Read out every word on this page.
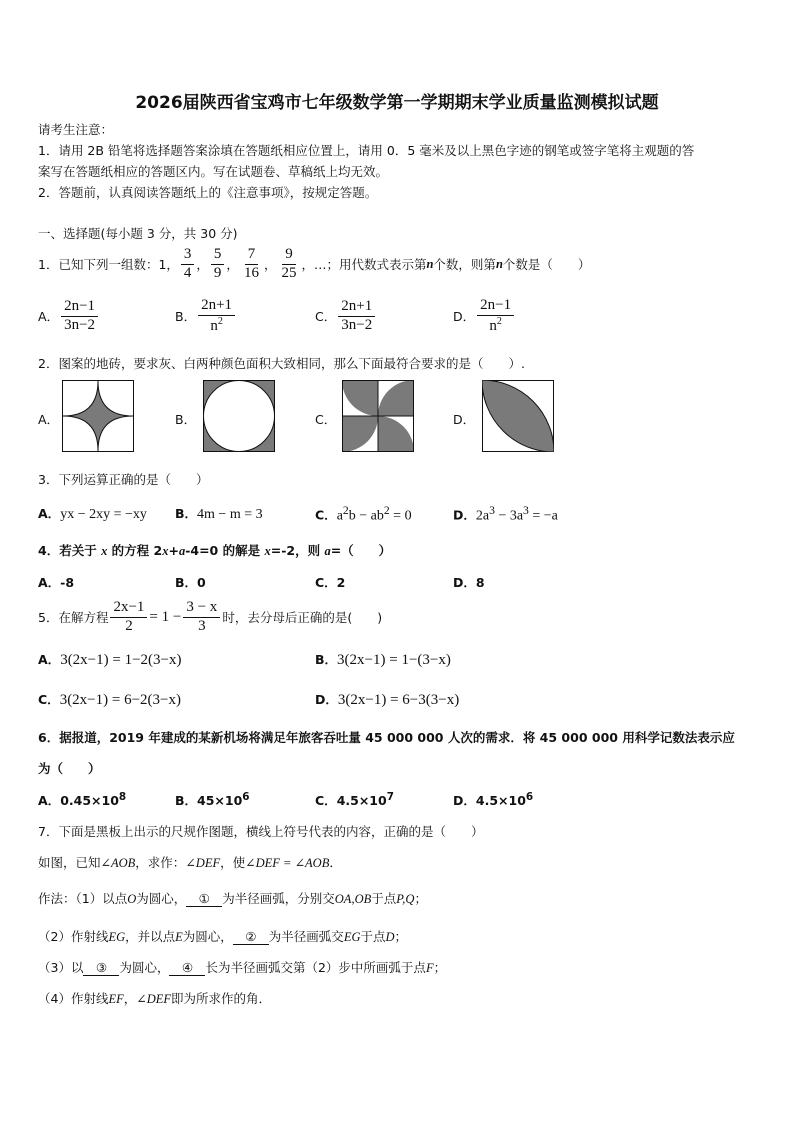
2026届陕西省宝鸡市七年级数学第一学期期末学业质量监测模拟试题
请考生注意：
1．请用 2B 铅笔将选择题答案涂填在答题纸相应位置上，请用 0．5 毫米及以上黑色字迹的钢笔或签字笔将主观题的答
案写在答题纸相应的答题区内。写在试题卷、草稿纸上均无效。
2．答题前，认真阅读答题纸上的《注意事项》，按规定答题。
一、选择题(每小题 3 分，共 30 分)
1．已知下列一组数：1， $\frac{3}{4}$ ， $\frac{5}{9}$ ， $\frac{7}{16}$ ， $\frac{9}{25}$ ，…；用代数式表示第 n 个数，则第 n 个数是（　　）
A． $\frac{2n-1}{3n-2}$	B． $\frac{2n+1}{n^2}$	C． $\frac{2n+1}{3n-2}$	D． $\frac{2n-1}{n^2}$
2．图案的地砖，要求灰、白两种颜色面积大致相同，那么下面最符合要求的是（　　）.
A．	B．	C．	D．
3．下列运算正确的是（　　）
A．yx − 2xy = −xy B．4m − m = 3	C．$a^2b - ab^2 = 0$	D．$2a^3 - 3a^3 = -a$
4．若关于 x 的方程 2x+a-4=0 的解是 x=-2，则 a=（　　）
A．-8	B．0	C．2	D．8
5．在解方程 $\frac{2x-1}{2} = 1 - \frac{3 - x}{3}$ 时，去分母后正确的是(　　)
A．3(2x−1) = 1−2(3−x)	B．3(2x−1) = 1−(3−x)
C．3(2x−1) = 6−2(3−x)	D．3(2x−1) = 6−3(3−x)
6．据报道，2019 年建成的某新机场将满足年旅客吞吐量 45 000 000 人次的需求．将 45 000 000 用科学记数法表示应
为（　　）
A．$0.45\times 10^8$	B．$45\times 10^6$	C．$4.5\times 10^7$	D．$4.5\times 10^6$
7．下面是黑板上出示的尺规作图题，横线上符号代表的内容，正确的是（　　）
如图，已知∠AOB，求作：∠DEF，使∠DEF = ∠AOB．
作法：（1）以点O为圆心， ① 为半径画弧，分别交OA,OB于点P,Q；
（2）作射线EG，并以点E为圆心， ② 为半径画弧交EG于点D；
（3）以 ③ 为圆心， ④ 长为半径画弧交第（2）步中所画弧于点F；
（4）作射线EF，∠DEF即为所求作的角．
